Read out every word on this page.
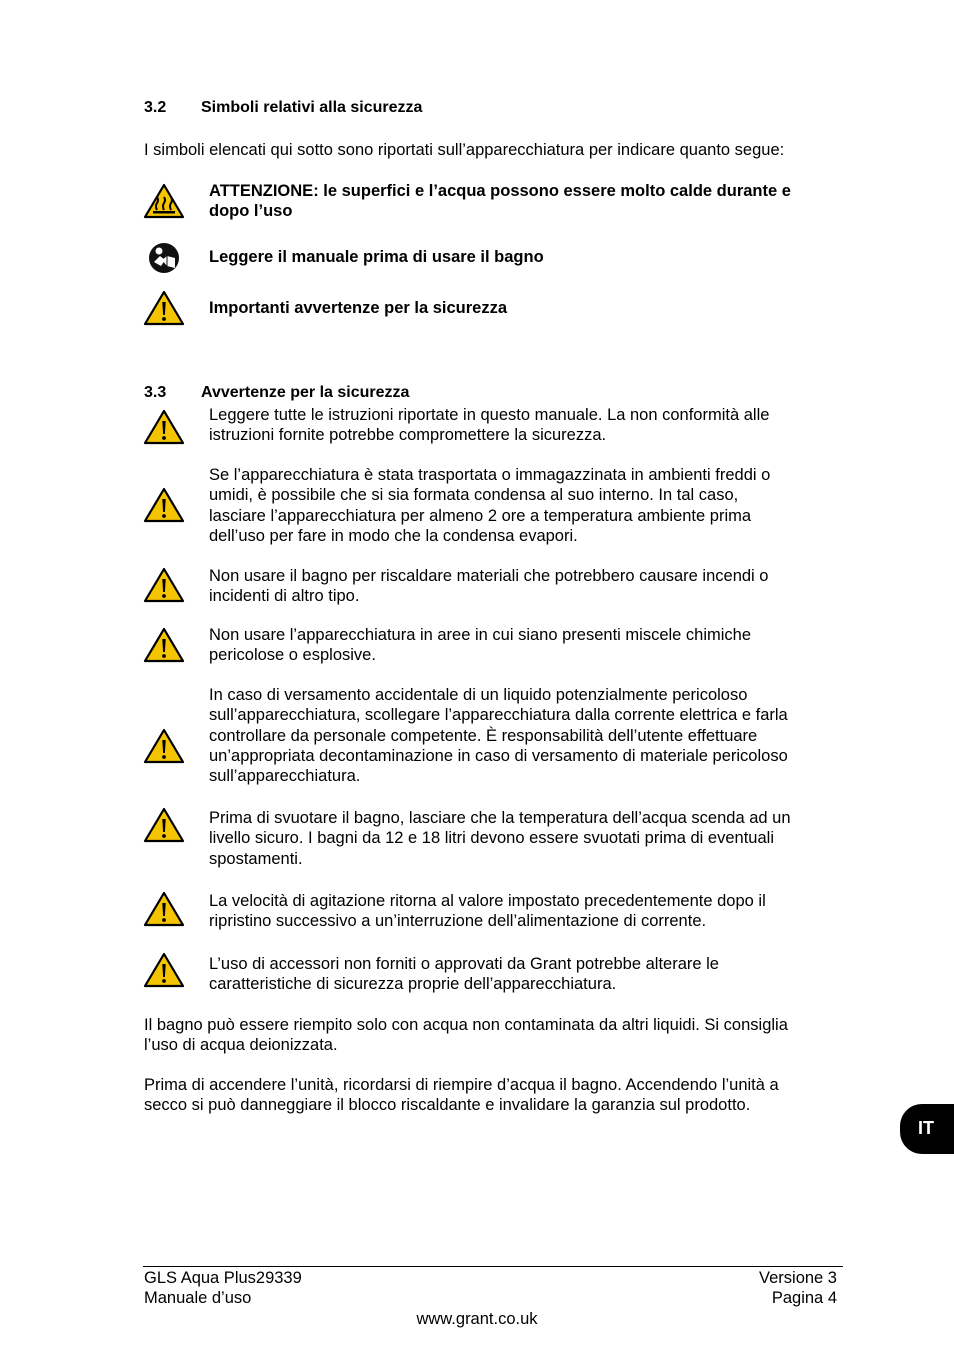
3.2 Simboli relativi alla sicurezza
I simboli elencati qui sotto sono riportati sull’apparecchiatura per indicare quanto segue:
ATTENZIONE: le superfici e l’acqua possono essere molto calde durante e
dopo l’uso
Leggere il manuale prima di usare il bagno
Importanti avvertenze per la sicurezza
3.3 Avvertenze per la sicurezza
Leggere tutte le istruzioni riportate in questo manuale. La non conformità alle
istruzioni fornite potrebbe compromettere la sicurezza.
Se l’apparecchiatura è stata trasportata o immagazzinata in ambienti freddi o
umidi, è possibile che si sia formata condensa al suo interno. In tal caso,
lasciare l’apparecchiatura per almeno 2 ore a temperatura ambiente prima
dell’uso per fare in modo che la condensa evapori.
Non usare il bagno per riscaldare materiali che potrebbero causare incendi o
incidenti di altro tipo.
Non usare l’apparecchiatura in aree in cui siano presenti miscele chimiche
pericolose o esplosive.
In caso di versamento accidentale di un liquido potenzialmente pericoloso
sull’apparecchiatura, scollegare l’apparecchiatura dalla corrente elettrica e farla
controllare da personale competente. È responsabilità dell’utente effettuare
un’appropriata decontaminazione in caso di versamento di materiale pericoloso
sull’apparecchiatura.
Prima di svuotare il bagno, lasciare che la temperatura dell’acqua scenda ad un
livello sicuro. I bagni da 12 e 18 litri devono essere svuotati prima di eventuali
spostamenti.
La velocità di agitazione ritorna al valore impostato precedentemente dopo il
ripristino successivo a un’interruzione dell’alimentazione di corrente.
L’uso di accessori non forniti o approvati da Grant potrebbe alterare le
caratteristiche di sicurezza proprie dell’apparecchiatura.
Il bagno può essere riempito solo con acqua non contaminata da altri liquidi. Si consiglia
l’uso di acqua deionizzata.
Prima di accendere l’unità, ricordarsi di riempire d’acqua il bagno. Accendendo l’unità a
secco si può danneggiare il blocco riscaldante e invalidare la garanzia sul prodotto.
IT
GLS Aqua Plus29339
Manuale d’uso
Versione 3
Pagina 4
www.grant.co.uk
